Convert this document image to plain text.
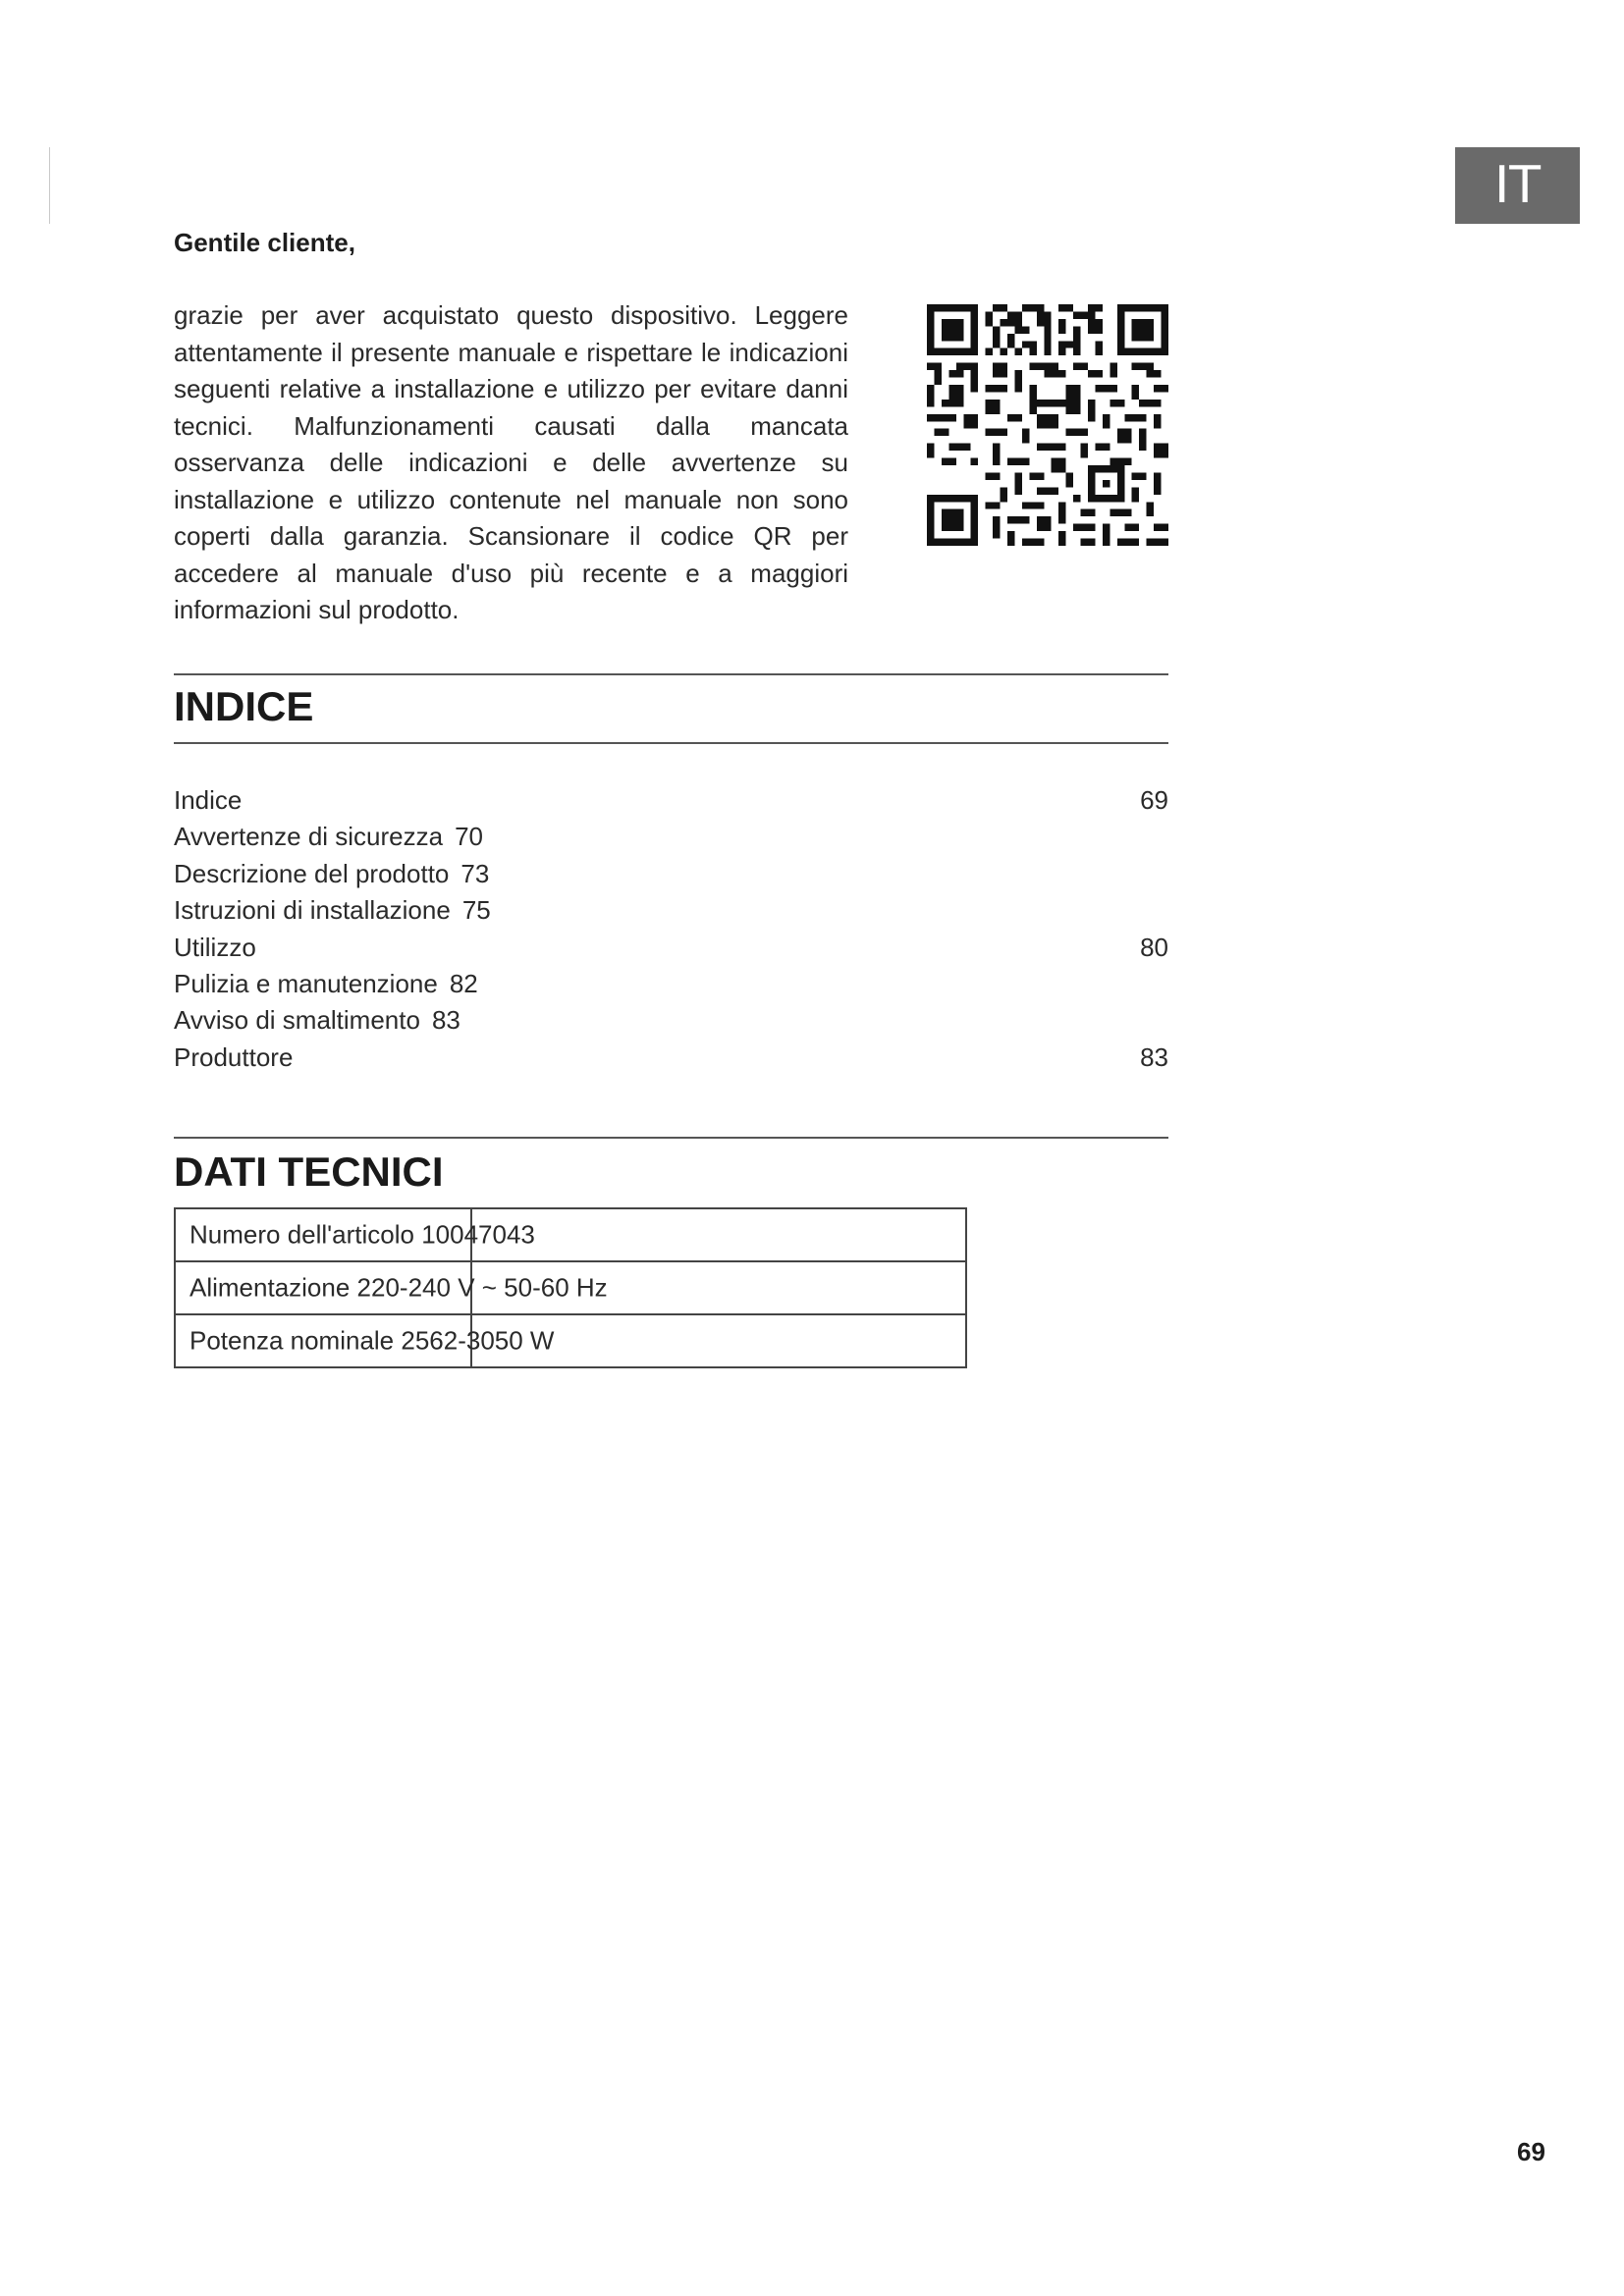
IT
Gentile cliente,
grazie per aver acquistato questo dispositivo. Leggere attentamente il presente manuale e rispettare le indicazioni seguenti relative a installazione e utilizzo per evitare danni tecnici. Malfunzionamenti causati dalla mancata osservanza delle indicazioni e delle avvertenze su installazione e utilizzo contenute nel manuale non sono coperti dalla garanzia. Scansionare il codice QR per accedere al manuale d'uso più recente e a maggiori informazioni sul prodotto.
INDICE
Indice	69
Avvertenze di sicurezza 70
Descrizione del prodotto 73
Istruzioni di installazione 75
Utilizzo	80
Pulizia e manutenzione 82
Avviso di smaltimento 83
Produttore	83
DATI TECNICI
Numero dell'articolo 10047043	

Alimentazione 220-240 V ~ 50-60 Hz	

Potenza nominale 2562-3050 W	

69
